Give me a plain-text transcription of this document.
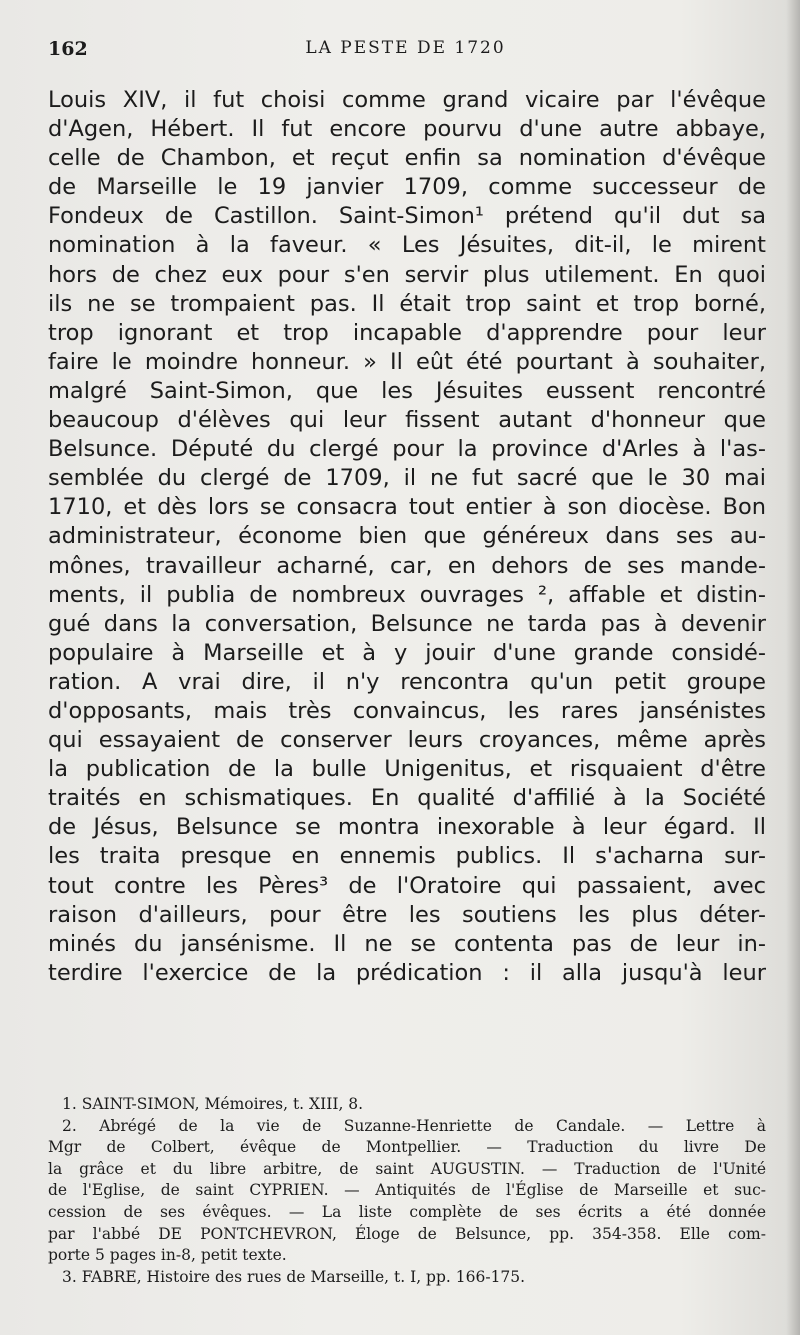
162	LA PESTE DE 1720
Louis XIV, il fut choisi comme grand vicaire par l'évêque
d'Agen, Hébert. Il fut encore pourvu d'une autre abbaye,
celle de Chambon, et reçut enfin sa nomination d'évêque
de Marseille le 19 janvier 1709, comme successeur de
Fondeux de Castillon. Saint-Simon¹ prétend qu'il dut sa
nomination à la faveur. « Les Jésuites, dit-il, le mirent
hors de chez eux pour s'en servir plus utilement. En quoi
ils ne se trompaient pas. Il était trop saint et trop borné,
trop ignorant et trop incapable d'apprendre pour leur
faire le moindre honneur. » Il eût été pourtant à souhaiter,
malgré Saint-Simon, que les Jésuites eussent rencontré
beaucoup d'élèves qui leur fissent autant d'honneur que
Belsunce. Député du clergé pour la province d'Arles à l'as-
semblée du clergé de 1709, il ne fut sacré que le 30 mai
1710, et dès lors se consacra tout entier à son diocèse. Bon
administrateur, économe bien que généreux dans ses au-
mônes, travailleur acharné, car, en dehors de ses mande-
ments, il publia de nombreux ouvrages ², affable et distin-
gué dans la conversation, Belsunce ne tarda pas à devenir
populaire à Marseille et à y jouir d'une grande considé-
ration. A vrai dire, il n'y rencontra qu'un petit groupe
d'opposants, mais très convaincus, les rares jansénistes
qui essayaient de conserver leurs croyances, même après
la publication de la bulle Unigenitus, et risquaient d'être
traités en schismatiques. En qualité d'affilié à la Société
de Jésus, Belsunce se montra inexorable à leur égard. Il
les traita presque en ennemis publics. Il s'acharna sur-
tout contre les Pères³ de l'Oratoire qui passaient, avec
raison d'ailleurs, pour être les soutiens les plus déter-
minés du jansénisme. Il ne se contenta pas de leur in-
terdire l'exercice de la prédication : il alla jusqu'à leur
1. SAINT-SIMON, Mémoires, t. XIII, 8.
2. Abrégé de la vie de Suzanne-Henriette de Candale. — Lettre à
Mgr de Colbert, évêque de Montpellier. — Traduction du livre De
la grâce et du libre arbitre, de saint AUGUSTIN. — Traduction de l'Unité
de l'Eglise, de saint CYPRIEN. — Antiquités de l'Église de Marseille et suc-
cession de ses évêques. — La liste complète de ses écrits a été donnée
par l'abbé DE PONTCHEVRON, Éloge de Belsunce, pp. 354-358. Elle com-
porte 5 pages in-8, petit texte.
3. FABRE, Histoire des rues de Marseille, t. I, pp. 166-175.
